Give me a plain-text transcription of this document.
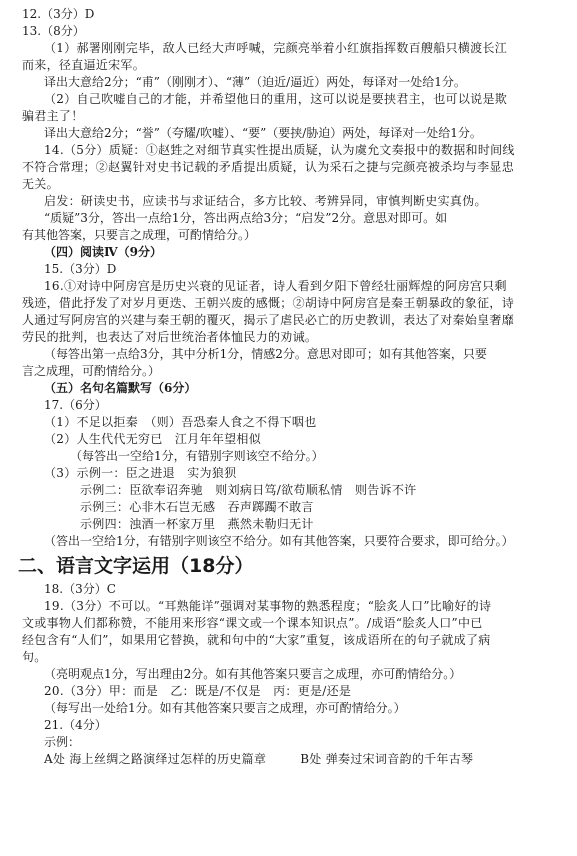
12.（3分）D

13.（8分）

（1）郝署刚刚完毕，敌人已经大声呼喊，完颜亮举着小红旗指挥数百艘船只横渡长江

而来，径直逼近宋军。

译出大意给2分；“甫”（刚刚才）、“薄”（迫近/逼近）两处，每译对一处给1分。

（2）自己吹嘘自己的才能，并希望他日的重用，这可以说是要挟君主，也可以说是欺

骗君主了！

译出大意给2分；“誉”（夸耀/吹嘘）、“要”（要挟/胁迫）两处，每译对一处给1分。

14.（5分）质疑：①赵甡之对细节真实性提出质疑，认为虞允文奏报中的数据和时间线

不符合常理；②赵翼针对史书记载的矛盾提出质疑，认为采石之捷与完颜亮被杀均与李显忠

无关。

启发：研读史书，应读书与求证结合，多方比较、考辨异同，审慎判断史实真伪。

“质疑”3分，答出一点给1分，答出两点给3分；“启发”2分。意思对即可。如

有其他答案，只要言之成理，可酌情给分。）

（四）阅读Ⅳ（9分）

15.（3分）D

16.①对诗中阿房宫是历史兴衰的见证者，诗人看到夕阳下曾经壮丽辉煌的阿房宫只剩

残迹，借此抒发了对岁月更迭、王朝兴废的感慨；②胡诗中阿房宫是秦王朝暴政的象征，诗

人通过写阿房宫的兴建与秦王朝的覆灭，揭示了虐民必亡的历史教训，表达了对秦始皇奢靡

劳民的批判，也表达了对后世统治者体恤民力的劝诫。

（每答出第一点给3分，其中分析1分，情感2分。意思对即可；如有其他答案，只要

言之成理，可酌情给分。）

（五）名句名篇默写（6分）

17.（6分）

（1）不足以拒秦　（则）吾恐秦人食之不得下咽也

（2）人生代代无穷已　江月年年望相似

（每答出一空给1分，有错别字则该空不给分。）

（3）示例一：臣之进退　实为狼狈

示例二：臣欲奉诏奔驰　则刘病日笃/欲苟顺私情　则告诉不许

示例三：心非木石岂无感　吞声踯躅不敢言

示例四：浊酒一杯家万里　燕然未勒归无计

（答出一空给1分，有错别字则该空不给分。如有其他答案，只要符合要求，即可给分。）

二、语言文字运用（18分）

18.（3分）C

19.（3分）不可以。“耳熟能详”强调对某事物的熟悉程度；“脍炙人口”比喻好的诗

文或事物人们都称赞，不能用来形容“课文或一个课本知识点”。/成语“脍炙人口”中已

经包含有“人们”，如果用它替换，就和句中的“大家”重复，该成语所在的句子就成了病

句。

（亮明观点1分，写出理由2分。如有其他答案只要言之成理，亦可酌情给分。）

20.（3分）甲：而是　乙：既是/不仅是　丙：更是/还是

（每写出一处给1分。如有其他答案只要言之成理，亦可酌情给分。）

21.（4分）

示例：

A处 海上丝绸之路演绎过怎样的历史篇章	B处 弹奏过宋词音韵的千年古琴
